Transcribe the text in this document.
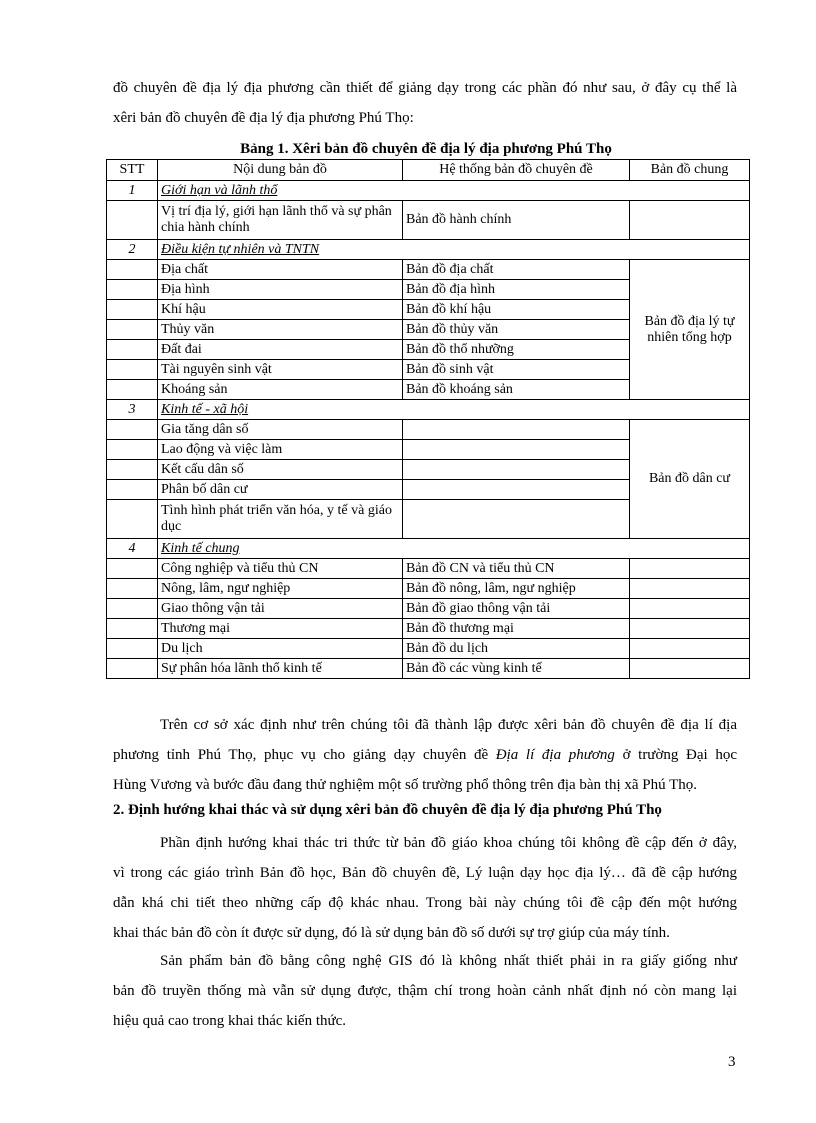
đồ chuyên đề địa lý địa phương cần thiết để giảng dạy trong các phần đó như sau, ở đây cụ thể là
xêri bản đồ chuyên đề địa lý địa phương Phú Thọ:
Bảng 1. Xêri bản đồ chuyên đề địa lý địa phương Phú Thọ
STT	Nội dung bản đồ	Hệ thống bản đồ chuyên đề	Bản đồ chung
1	Giới hạn và lãnh thổ		
	Vị trí địa lý, giới hạn lãnh thổ và sự phân chia hành chính	Bản đồ hành chính	
2	Điều kiện tự nhiên và TNTN		
	Địa chất	Bản đồ địa chất	Bản đồ địa lý tự nhiên tổng hợp
	Địa hình	Bản đồ địa hình	
	Khí hậu	Bản đồ khí hậu	
	Thủy văn	Bản đồ thủy văn	
	Đất đai	Bản đồ thổ nhưỡng	
	Tài nguyên sinh vật	Bản đồ sinh vật	
	Khoáng sản	Bản đồ khoáng sản	
3	Kinh tế - xã hội		
	Gia tăng dân số		Bản đồ dân cư
	Lao động và việc làm		
	Kết cấu dân số		
	Phân bố dân cư		
	Tình hình phát triển văn hóa, y tế và giáo dục		
4	Kinh tế chung		
	Công nghiệp và tiểu thủ CN	Bản đồ CN và tiểu thủ CN	
	Nông, lâm, ngư nghiệp	Bản đồ nông, lâm, ngư nghiệp	
	Giao thông vận tải	Bản đồ giao thông vận tải	
	Thương mại	Bản đồ thương mại	
	Du lịch	Bản đồ du lịch	
	Sự phân hóa lãnh thổ kinh tế	Bản đồ các vùng kinh tế	
Trên cơ sở xác định như trên chúng tôi đã thành lập được xêri bản đồ chuyên đề địa lí địa
phương tỉnh Phú Thọ, phục vụ cho giảng dạy chuyên đề Địa lí địa phương ở trường Đại học
Hùng Vương và bước đầu đang thử nghiệm một số trường phổ thông trên địa bàn thị xã Phú Thọ.
2. Định hướng khai thác và sử dụng xêri bản đồ chuyên đề địa lý địa phương Phú Thọ
Phần định hướng khai thác tri thức từ bản đồ giáo khoa chúng tôi không đề cập đến ở đây,
vì trong các giáo trình Bản đồ học, Bản đồ chuyên đề, Lý luận dạy học địa lý… đã đề cập hướng
dẫn khá chi tiết theo những cấp độ khác nhau. Trong bài này chúng tôi đề cập đến một hướng
khai thác bản đồ còn ít được sử dụng, đó là sử dụng bản đồ số dưới sự trợ giúp của máy tính.
Sản phẩm bản đồ bằng công nghệ GIS đó là không nhất thiết phải in ra giấy giống như
bản đồ truyền thống mà vẫn sử dụng được, thậm chí trong hoàn cảnh nhất định nó còn mang lại
hiệu quả cao trong khai thác kiến thức.
3
